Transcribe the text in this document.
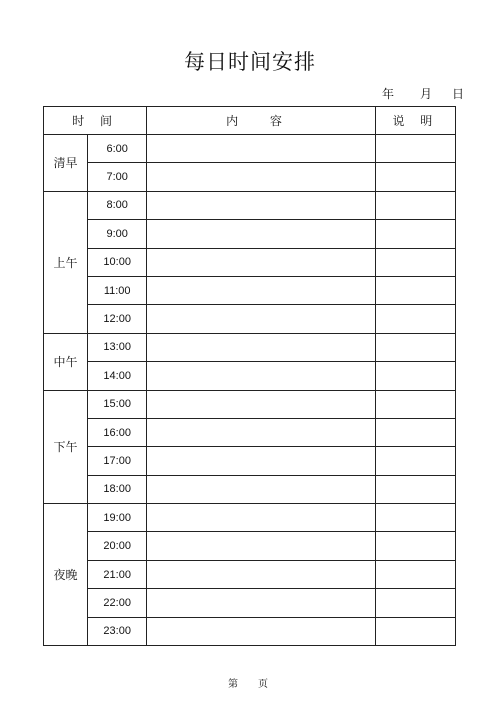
每日时间安排
年	月	日
时 间		内 容	说 明
清早	6:00		
	7:00		
上午	8:00		
	9:00		
	10:00		
	11:00		
	12:00		
中午	13:00		
	14:00		
下午	15:00		
	16:00		
	17:00		
	18:00		
夜晚	19:00		
	20:00		
	21:00		
	22:00		
	23:00		
第	页
